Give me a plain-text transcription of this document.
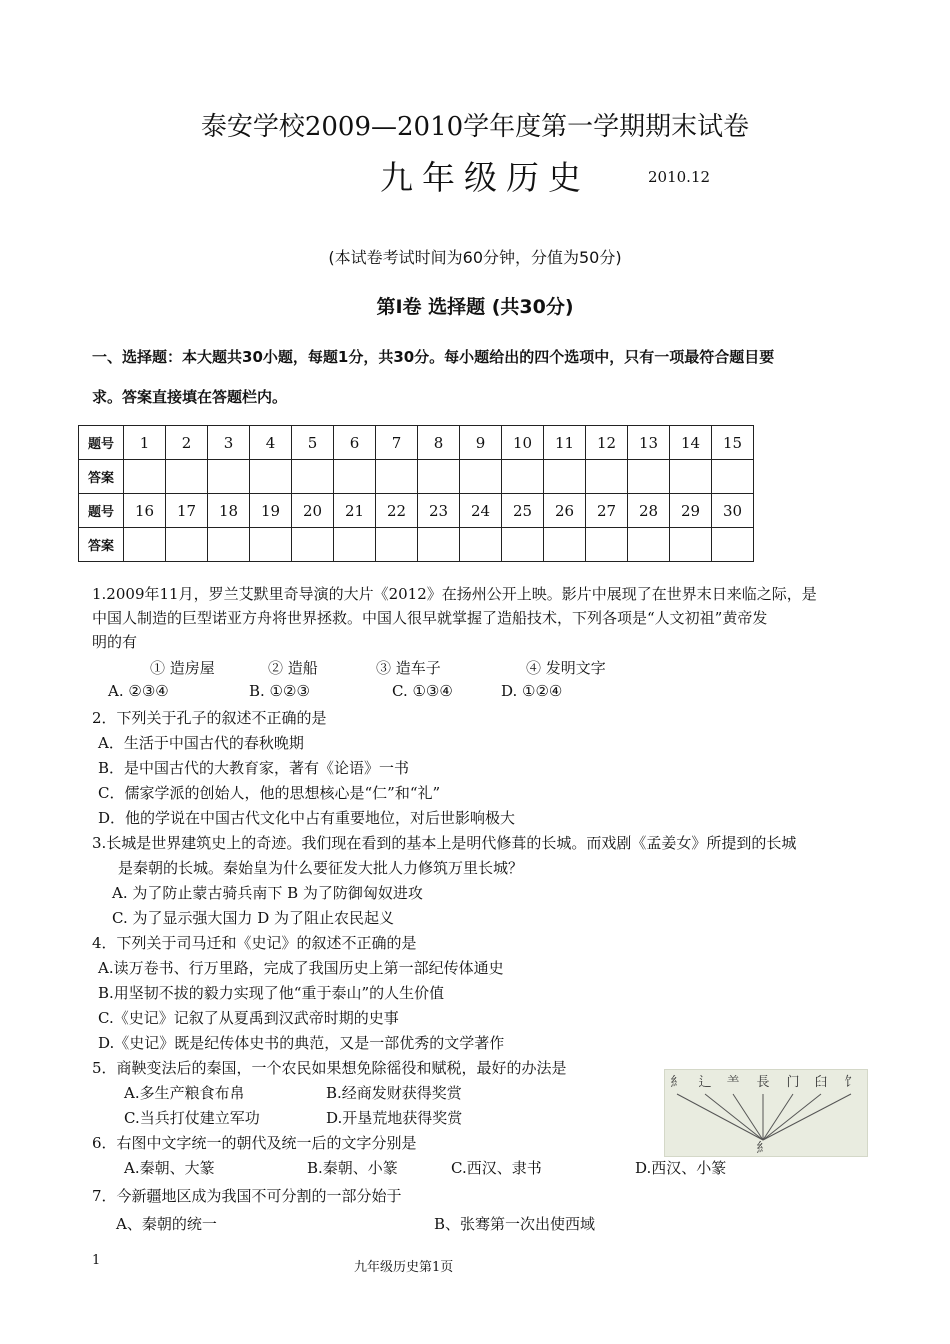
泰安学校2009—2010学年度第一学期期末试卷
九年级历史	2010.12
(本试卷考试时间为60分钟，分值为50分)
第Ⅰ卷 选择题 (共30分)
一、选择题：本大题共30小题，每题1分，共30分。每小题给出的四个选项中，只有一项最符合题目要
求。答案直接填在答题栏内。
题号	1	2	3	4	5	6	7	8	9	10	11	12	13	14	15
答案															
题号	16	17	18	19	20	21	22	23	24	25	26	27	28	29	30
答案															
1.2009年11月，罗兰艾默里奇导演的大片《2012》在扬州公开上映。影片中展现了在世界末日来临之际，是
中国人制造的巨型诺亚方舟将世界拯救。中国人很早就掌握了造船技术，下列各项是“人文初祖”黄帝发
明的有
① 造房屋	② 造船	③ 造车子	④ 发明文字
A. ②③④	B. ①②③	C. ①③④	D. ①②④
2．下列关于孔子的叙述不正确的是
A．生活于中国古代的春秋晚期
B．是中国古代的大教育家，著有《论语》一书
C．儒家学派的创始人，他的思想核心是“仁”和“礼”
D．他的学说在中国古代文化中占有重要地位，对后世影响极大
3.长城是世界建筑史上的奇迹。我们现在看到的基本上是明代修葺的长城。而戏剧《孟姜女》所提到的长城
是秦朝的长城。秦始皇为什么要征发大批人力修筑万里长城？
A. 为了防止蒙古骑兵南下 B 为了防御匈奴进攻
C. 为了显示强大国力 D 为了阻止农民起义
4．下列关于司马迁和《史记》的叙述不正确的是
A.读万卷书、行万里路，完成了我国历史上第一部纪传体通史
B.用坚韧不拔的毅力实现了他“重于泰山”的人生价值
C.《史记》记叙了从夏禹到汉武帝时期的史事
D.《史记》既是纪传体史书的典范，又是一部优秀的文学著作
5．商鞅变法后的秦国，一个农民如果想免除徭役和赋税，最好的办法是
A.多生产粮食布帛	B.经商发财获得奖赏
C.当兵打仗建立军功	D.开垦荒地获得奖赏
⺯ ⻍ ⺷ ⻑ ⻔ ⺽ ⻠
⺯
6．右图中文字统一的朝代及统一后的文字分别是
A.秦朝、大篆	B.秦朝、小篆	C.西汉、隶书	D.西汉、小篆
7．今新疆地区成为我国不可分割的一部分始于
A、秦朝的统一	B、张骞第一次出使西域
1	九年级历史第1页
